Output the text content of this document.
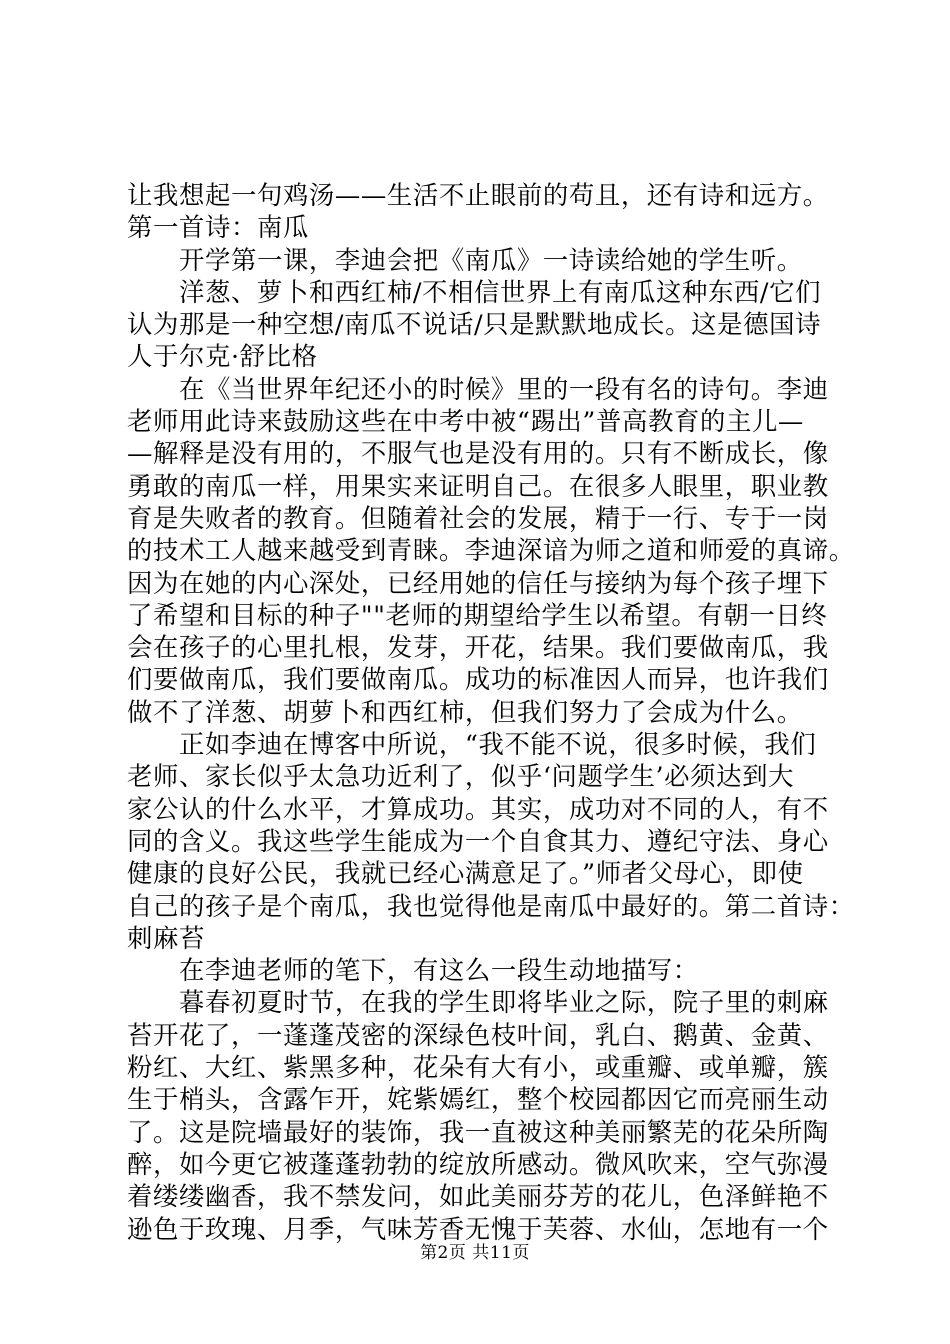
让我想起一句鸡汤——生活不止眼前的苟且，还有诗和远方。
第一首诗：南瓜
　　开学第一课，李迪会把《南瓜》一诗读给她的学生听。
　　洋葱、萝卜和西红柿/不相信世界上有南瓜这种东西/它们
认为那是一种空想/南瓜不说话/只是默默地成长。这是德国诗
人于尔克·舒比格
　　在《当世界年纪还小的时候》里的一段有名的诗句。李迪
老师用此诗来鼓励这些在中考中被“踢出”普高教育的主儿—
—解释是没有用的，不服气也是没有用的。只有不断成长，像
勇敢的南瓜一样，用果实来证明自己。在很多人眼里，职业教
育是失败者的教育。但随着社会的发展，精于一行、专于一岗
的技术工人越来越受到青睐。李迪深谙为师之道和师爱的真谛。
因为在她的内心深处，已经用她的信任与接纳为每个孩子埋下
了希望和目标的种子""老师的期望给学生以希望。有朝一日终
会在孩子的心里扎根，发芽，开花，结果。我们要做南瓜，我
们要做南瓜，我们要做南瓜。成功的标准因人而异，也许我们
做不了洋葱、胡萝卜和西红柿，但我们努力了会成为什么。
　　正如李迪在博客中所说，“我不能不说，很多时候，我们
老师、家长似乎太急功近利了，似乎‘问题学生’必须达到大
家公认的什么水平，才算成功。其实，成功对不同的人，有不
同的含义。我这些学生能成为一个自食其力、遵纪守法、身心
健康的良好公民，我就已经心满意足了。”师者父母心，即使
自己的孩子是个南瓜，我也觉得他是南瓜中最好的。第二首诗：
刺麻苔
　　在李迪老师的笔下，有这么一段生动地描写：
　　暮春初夏时节，在我的学生即将毕业之际，院子里的刺麻
苔开花了，一蓬蓬茂密的深绿色枝叶间，乳白、鹅黄、金黄、
粉红、大红、紫黑多种，花朵有大有小，或重瓣、或单瓣，簇
生于梢头，含露乍开，姹紫嫣红，整个校园都因它而亮丽生动
了。这是院墙最好的装饰，我一直被这种美丽繁芜的花朵所陶
醉，如今更它被蓬蓬勃勃的绽放所感动。微风吹来，空气弥漫
着缕缕幽香，我不禁发问，如此美丽芬芳的花儿，色泽鲜艳不
逊色于玫瑰、月季，气味芳香无愧于芙蓉、水仙，怎地有一个
第2页 共11页
